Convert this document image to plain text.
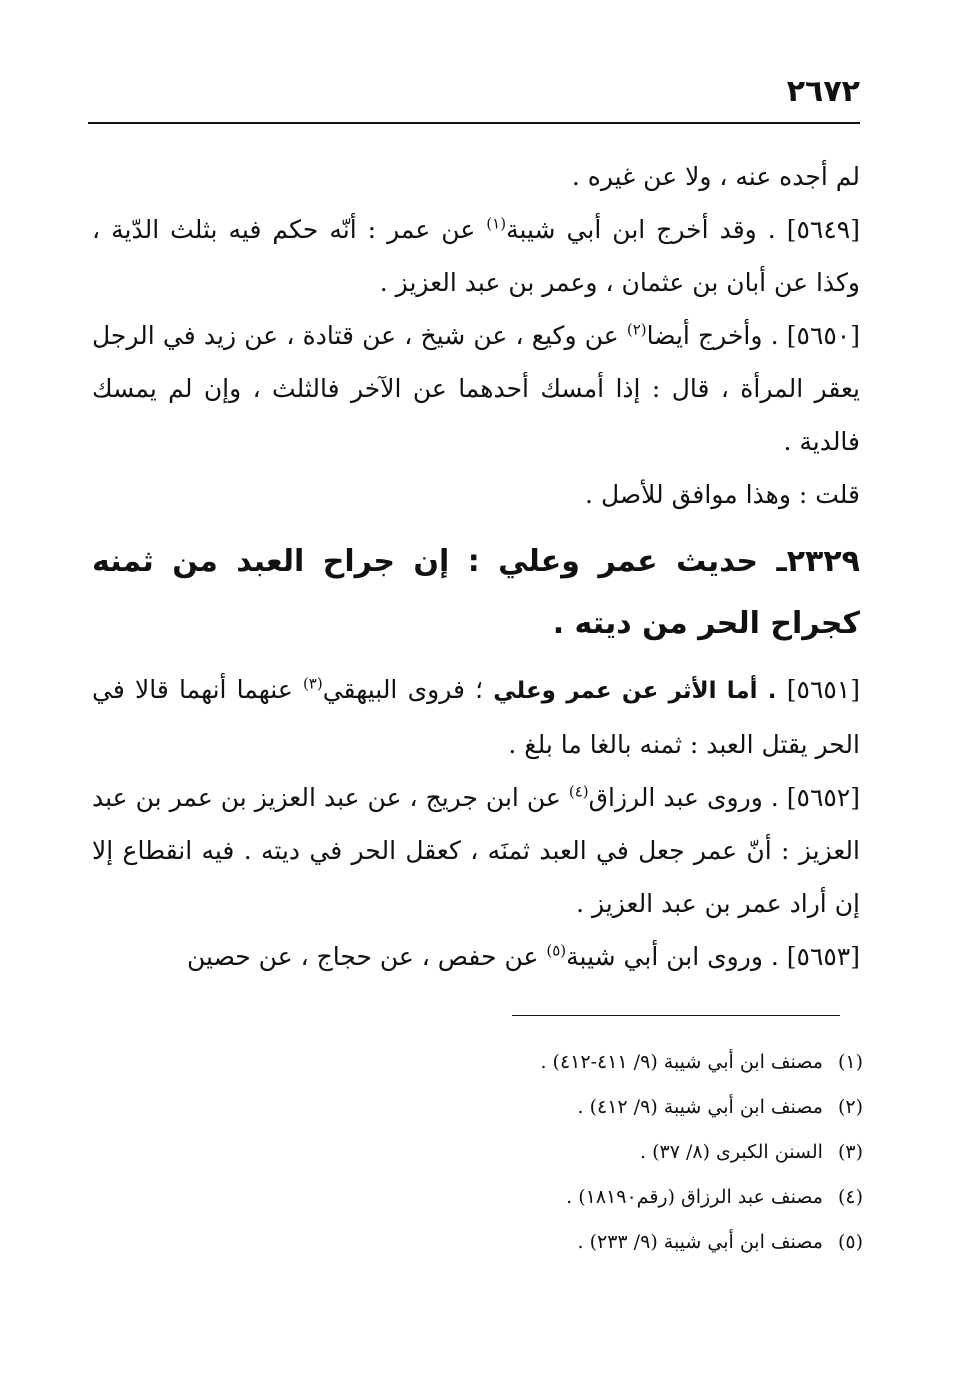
٢٦٧٢

لم أجده عنه ، ولا عن غيره .

[٥٦٤٩] . وقد أخرج ابن أبي شيبة$^{(١)}$ عن عمر : أنّه حكم فيه بثلث الدّية ، وكذا عن أبان بن عثمان ، وعمر بن عبد العزيز .

[٥٦٥٠] . وأخرج أيضا$^{(٢)}$ عن وكيع ، عن شيخ ، عن قتادة ، عن زيد في الرجل يعقر المرأة ، قال : إذا أمسك أحدهما عن الآخر فالثلث ، وإن لم يمسك فالدية .

قلت : وهذا موافق للأصل .

٢٣٢٩ـ حديث عمر وعلي : إن جراح العبد من ثمنه كجراح الحر من ديته .

[٥٦٥١] . أما الأثر عن عمر وعلي ؛ فروى البيهقي$^{(٣)}$ عنهما أنهما قالا في الحر يقتل العبد : ثمنه بالغا ما بلغ .

[٥٦٥٢] . وروى عبد الرزاق$^{(٤)}$ عن ابن جريج ، عن عبد العزيز بن عمر بن عبد العزيز : أنّ عمر جعل في العبد ثمنَه ، كعقل الحر في ديته . فيه انقطاع إلا إن أراد عمر بن عبد العزيز .

[٥٦٥٣] . وروى ابن أبي شيبة$^{(٥)}$ عن حفص ، عن حجاج ، عن حصين

(١) مصنف ابن أبي شيبة (٩/ ٤١١-٤١٢) .
(٢) مصنف ابن أبي شيبة (٩/ ٤١٢) .
(٣) السنن الكبرى (٨/ ٣٧) .
(٤) مصنف عبد الرزاق (رقم١٨١٩٠) .
(٥) مصنف ابن أبي شيبة (٩/ ٢٣٣) .
